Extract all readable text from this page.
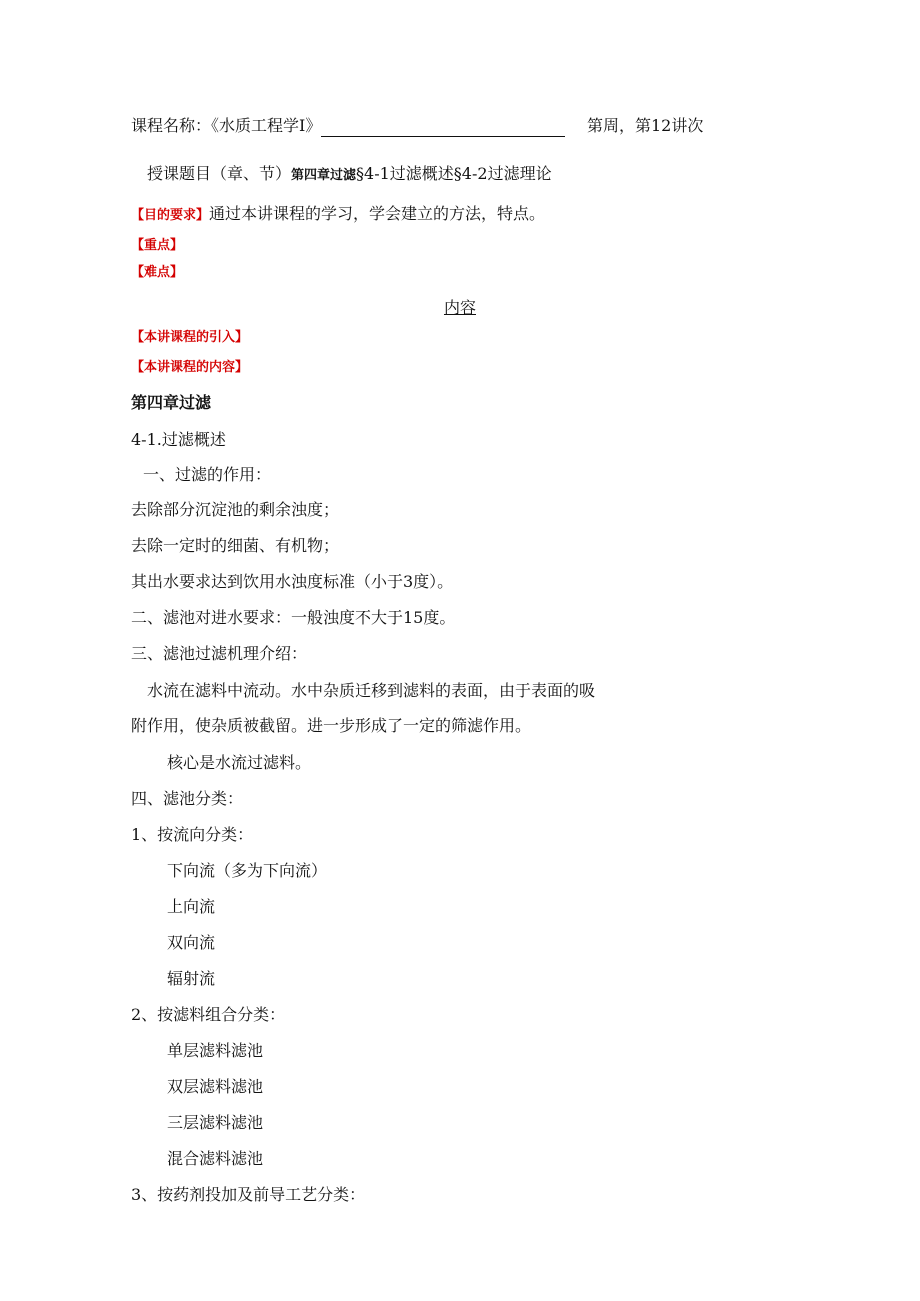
课程名称：《水质工程学I》	第周，第12讲次
授课题目（章、节）第四章过滤§4-1过滤概述§4-2过滤理论
【目的要求】通过本讲课程的学习，学会建立的方法，特点。
【重点】
【难点】
内容
【本讲课程的引入】
【本讲课程的内容】
第四章过滤
4-1.过滤概述
一、过滤的作用：
去除部分沉淀池的剩余浊度；
去除一定时的细菌、有机物；
其出水要求达到饮用水浊度标准（小于3度）。
二、滤池对进水要求：一般浊度不大于15度。
三、滤池过滤机理介绍：
水流在滤料中流动。水中杂质迁移到滤料的表面，由于表面的吸
附作用，使杂质被截留。进一步形成了一定的筛滤作用。
核心是水流过滤料。
四、滤池分类：
1、按流向分类：
下向流（多为下向流）
上向流
双向流
辐射流
2、按滤料组合分类：
单层滤料滤池
双层滤料滤池
三层滤料滤池
混合滤料滤池
3、按药剂投加及前导工艺分类：
